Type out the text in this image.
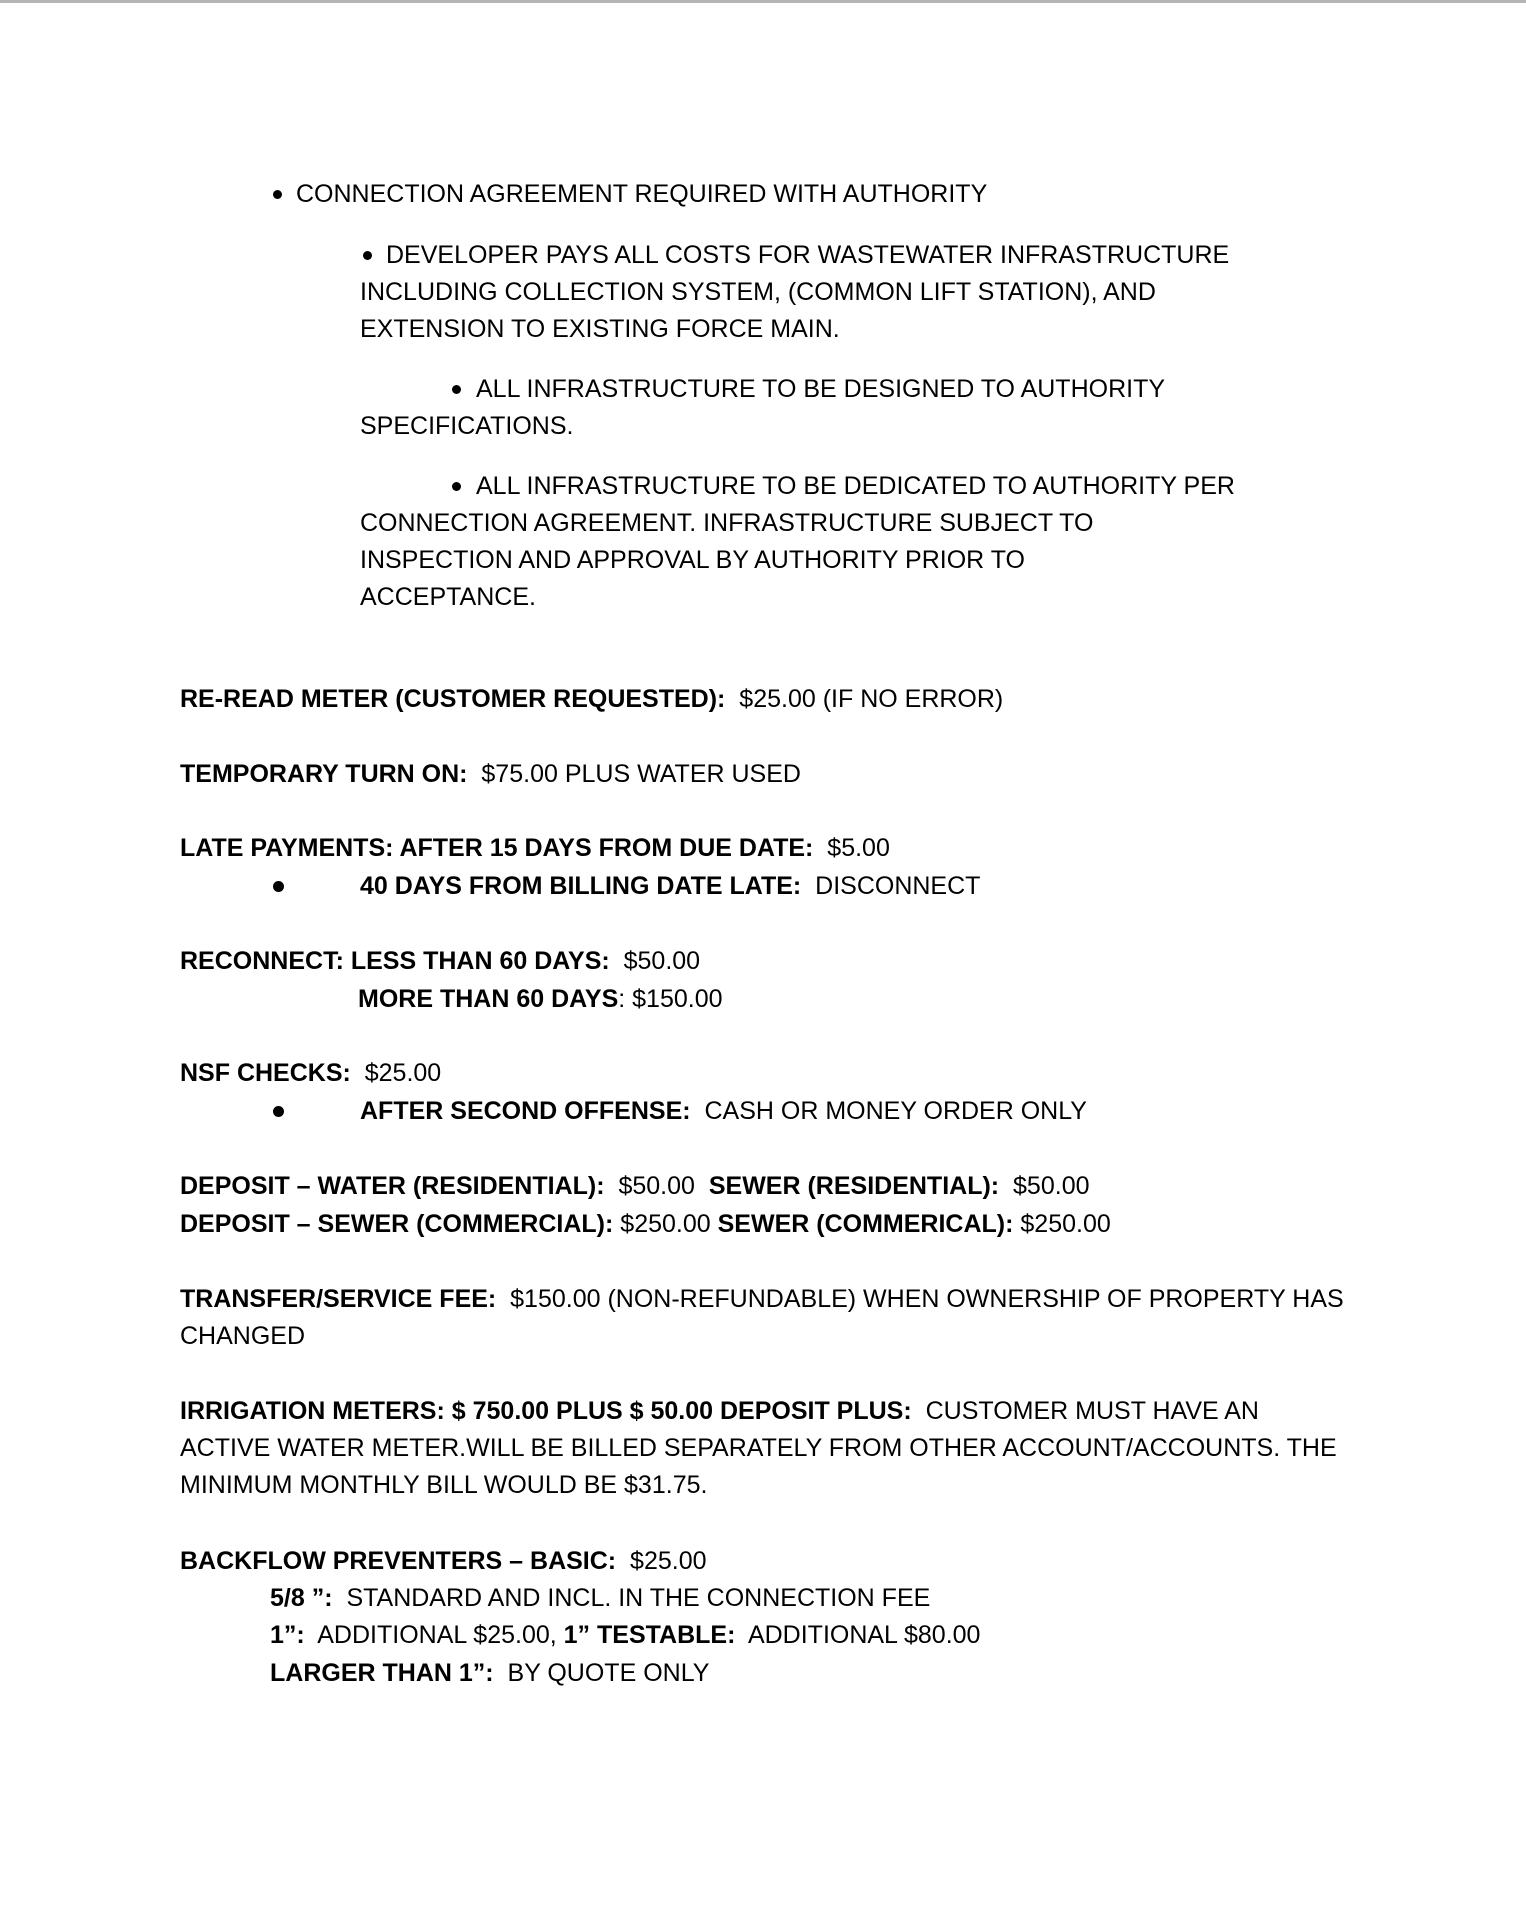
CONNECTION AGREEMENT REQUIRED WITH AUTHORITY
DEVELOPER PAYS ALL COSTS FOR WASTEWATER INFRASTRUCTURE
INCLUDING COLLECTION SYSTEM, (COMMON LIFT STATION), AND
EXTENSION TO EXISTING FORCE MAIN.
ALL INFRASTRUCTURE TO BE DESIGNED TO AUTHORITY
SPECIFICATIONS.
ALL INFRASTRUCTURE TO BE DEDICATED TO AUTHORITY PER
CONNECTION AGREEMENT. INFRASTRUCTURE SUBJECT TO
INSPECTION AND APPROVAL BY AUTHORITY PRIOR TO
ACCEPTANCE.
RE-READ METER (CUSTOMER REQUESTED): $25.00 (IF NO ERROR)
TEMPORARY TURN ON: $75.00 PLUS WATER USED
LATE PAYMENTS: AFTER 15 DAYS FROM DUE DATE: $5.00
40 DAYS FROM BILLING DATE LATE: DISCONNECT
RECONNECT: LESS THAN 60 DAYS: $50.00
MORE THAN 60 DAYS: $150.00
NSF CHECKS: $25.00
AFTER SECOND OFFENSE: CASH OR MONEY ORDER ONLY
DEPOSIT – WATER (RESIDENTIAL): $50.00 SEWER (RESIDENTIAL): $50.00
DEPOSIT – SEWER (COMMERCIAL): $250.00 SEWER (COMMERICAL): $250.00
TRANSFER/SERVICE FEE: $150.00 (NON-REFUNDABLE) WHEN OWNERSHIP OF PROPERTY HAS
CHANGED
IRRIGATION METERS: $ 750.00 PLUS $ 50.00 DEPOSIT PLUS: CUSTOMER MUST HAVE AN
ACTIVE WATER METER.WILL BE BILLED SEPARATELY FROM OTHER ACCOUNT/ACCOUNTS. THE
MINIMUM MONTHLY BILL WOULD BE $31.75.
BACKFLOW PREVENTERS – BASIC: $25.00
5/8 ”: STANDARD AND INCL. IN THE CONNECTION FEE
1”: ADDITIONAL $25.00, 1” TESTABLE: ADDITIONAL $80.00
LARGER THAN 1”: BY QUOTE ONLY
